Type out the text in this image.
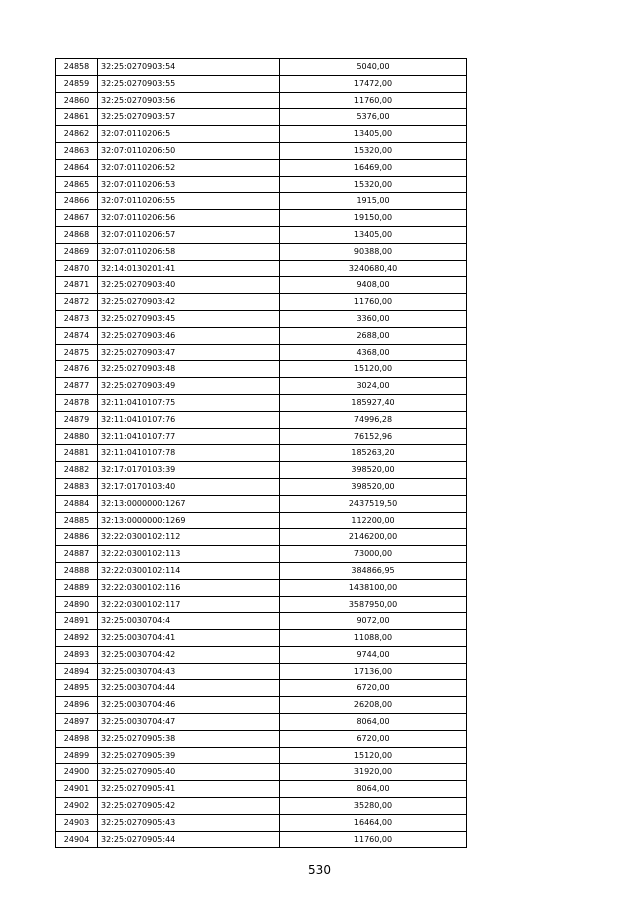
24858	32:25:0270903:54	5040,00
24859	32:25:0270903:55	17472,00
24860	32:25:0270903:56	11760,00
24861	32:25:0270903:57	5376,00
24862	32:07:0110206:5	13405,00
24863	32:07:0110206:50	15320,00
24864	32:07:0110206:52	16469,00
24865	32:07:0110206:53	15320,00
24866	32:07:0110206:55	1915,00
24867	32:07:0110206:56	19150,00
24868	32:07:0110206:57	13405,00
24869	32:07:0110206:58	90388,00
24870	32:14:0130201:41	3240680,40
24871	32:25:0270903:40	9408,00
24872	32:25:0270903:42	11760,00
24873	32:25:0270903:45	3360,00
24874	32:25:0270903:46	2688,00
24875	32:25:0270903:47	4368,00
24876	32:25:0270903:48	15120,00
24877	32:25:0270903:49	3024,00
24878	32:11:0410107:75	185927,40
24879	32:11:0410107:76	74996,28
24880	32:11:0410107:77	76152,96
24881	32:11:0410107:78	185263,20
24882	32:17:0170103:39	398520,00
24883	32:17:0170103:40	398520,00
24884	32:13:0000000:1267	2437519,50
24885	32:13:0000000:1269	112200,00
24886	32:22:0300102:112	2146200,00
24887	32:22:0300102:113	73000,00
24888	32:22:0300102:114	384866,95
24889	32:22:0300102:116	1438100,00
24890	32:22:0300102:117	3587950,00
24891	32:25:0030704:4	9072,00
24892	32:25:0030704:41	11088,00
24893	32:25:0030704:42	9744,00
24894	32:25:0030704:43	17136,00
24895	32:25:0030704:44	6720,00
24896	32:25:0030704:46	26208,00
24897	32:25:0030704:47	8064,00
24898	32:25:0270905:38	6720,00
24899	32:25:0270905:39	15120,00
24900	32:25:0270905:40	31920,00
24901	32:25:0270905:41	8064,00
24902	32:25:0270905:42	35280,00
24903	32:25:0270905:43	16464,00
24904	32:25:0270905:44	11760,00
530
